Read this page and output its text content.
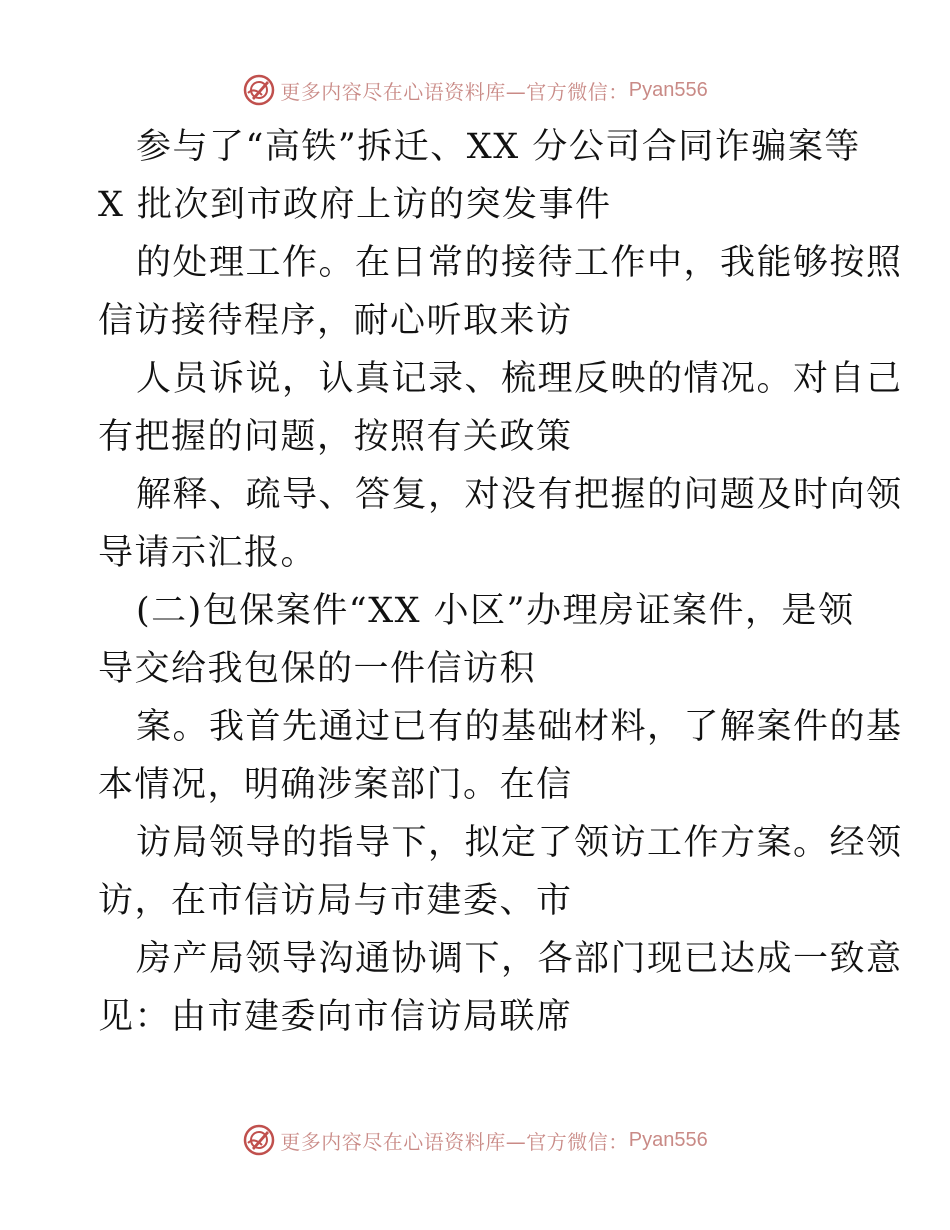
更多内容尽在心语资料库—官方微信： Pyan556
参与了“高铁”拆迁、XX 分公司合同诈骗案等
X 批次到市政府上访的突发事件
的处理工作。在日常的接待工作中，我能够按照
信访接待程序，耐心听取来访
人员诉说，认真记录、梳理反映的情况。对自己
有把握的问题，按照有关政策
解释、疏导、答复，对没有把握的问题及时向领
导请示汇报。
(二)包保案件“XX 小区”办理房证案件，是领
导交给我包保的一件信访积
案。我首先通过已有的基础材料，了解案件的基
本情况，明确涉案部门。在信
访局领导的指导下，拟定了领访工作方案。经领
访，在市信访局与市建委、市
房产局领导沟通协调下，各部门现已达成一致意
见：由市建委向市信访局联席
更多内容尽在心语资料库—官方微信： Pyan556
